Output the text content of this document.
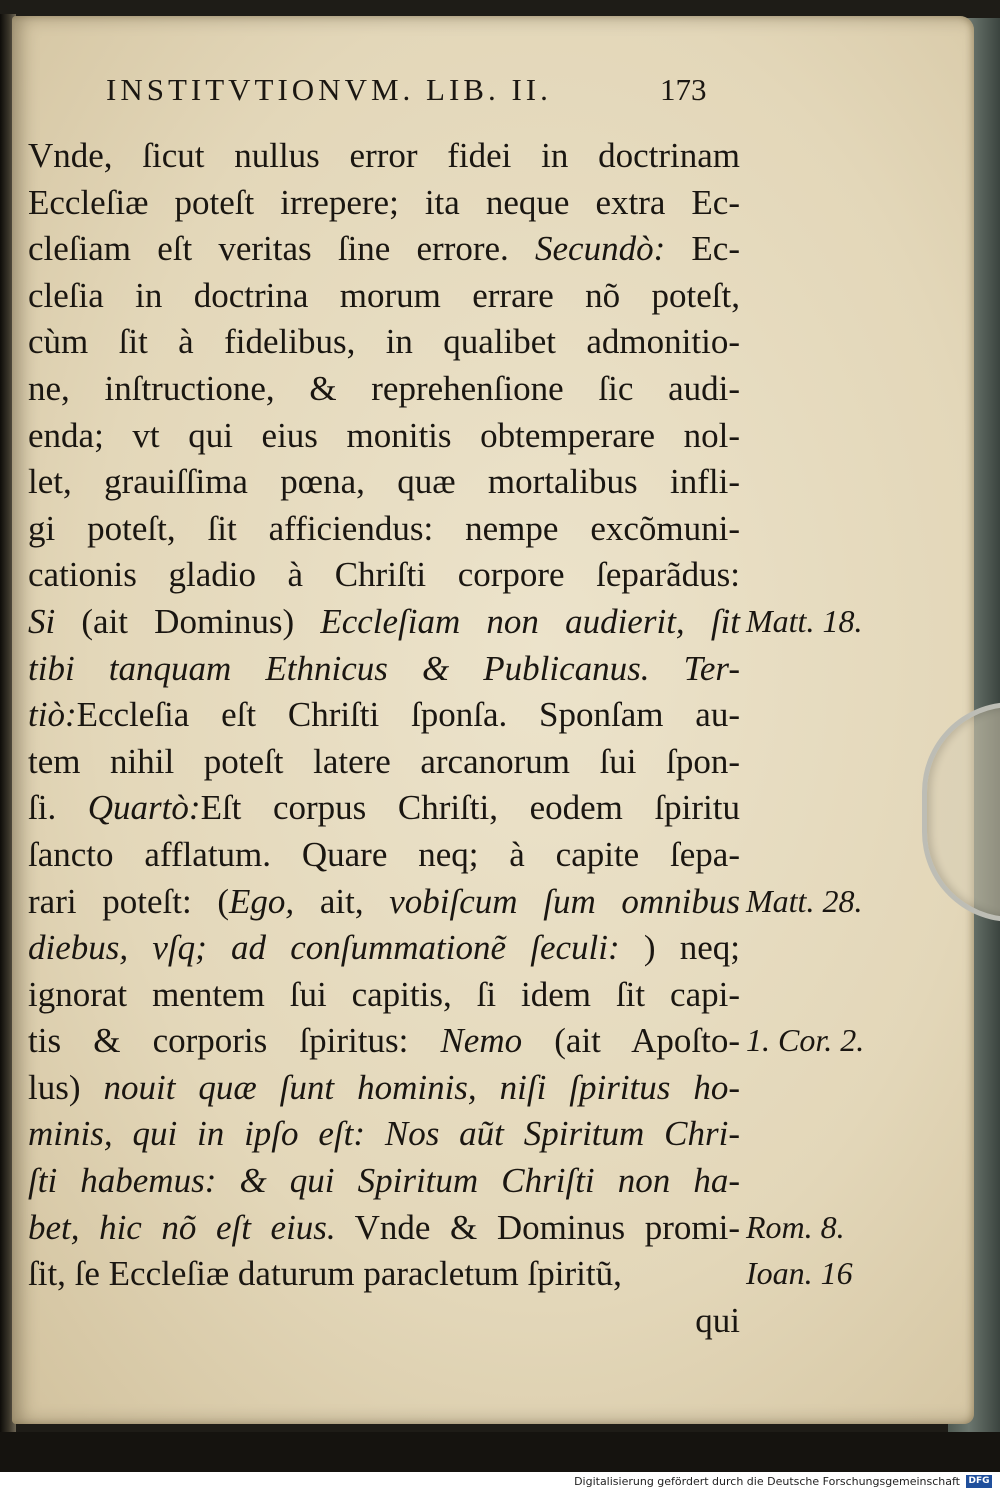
INSTITVTIONVM. LIB. II.	173
Vnde, ſicut nullus error fidei in doctrinam
Eccleſiæ poteſt irrepere; ita neque extra Ec-
cleſiam eſt veritas ſine errore. Secundò: Ec-
cleſia in doctrina morum errare nõ poteſt,
cùm ſit à fidelibus, in qualibet admonitio-
ne, inſtructione, & reprehenſione ſic audi-
enda; vt qui eius monitis obtemperare nol-
let, grauiſſima pœna, quæ mortalibus infli-
gi poteſt, ſit afficiendus: nempe excõmuni-
cationis gladio à Chriſti corpore ſeparãdus:
Si (ait Dominus) Eccleſiam non audierit, ſit
tibi tanquam Ethnicus & Publicanus. Ter-
tiò:Eccleſia eſt Chriſti ſponſa. Sponſam au-
tem nihil poteſt latere arcanorum ſui ſpon-
ſi. Quartò:Eſt corpus Chriſti, eodem ſpiritu
ſancto afflatum. Quare neq; à capite ſepa-
rari poteſt: (Ego, ait, vobiſcum ſum omnibus
diebus, vſq; ad conſummationẽ ſeculi: ) neq;
ignorat mentem ſui capitis, ſi idem ſit capi-
tis & corporis ſpiritus: Nemo (ait Apoſto-
lus) nouit quæ ſunt hominis, niſi ſpiritus ho-
minis, qui in ipſo eſt: Nos aũt Spiritum Chri-
ſti habemus: & qui Spiritum Chriſti non ha-
bet, hic nõ eſt eius. Vnde & Dominus promi-
ſit, ſe Eccleſiæ daturum paracletum ſpiritũ,
qui
Matt. 18.
Matt. 28.
1. Cor. 2.
Rom. 8.
Ioan. 16
Digitalisierung gefördert durch die Deutsche Forschungsgemeinschaft DFG
